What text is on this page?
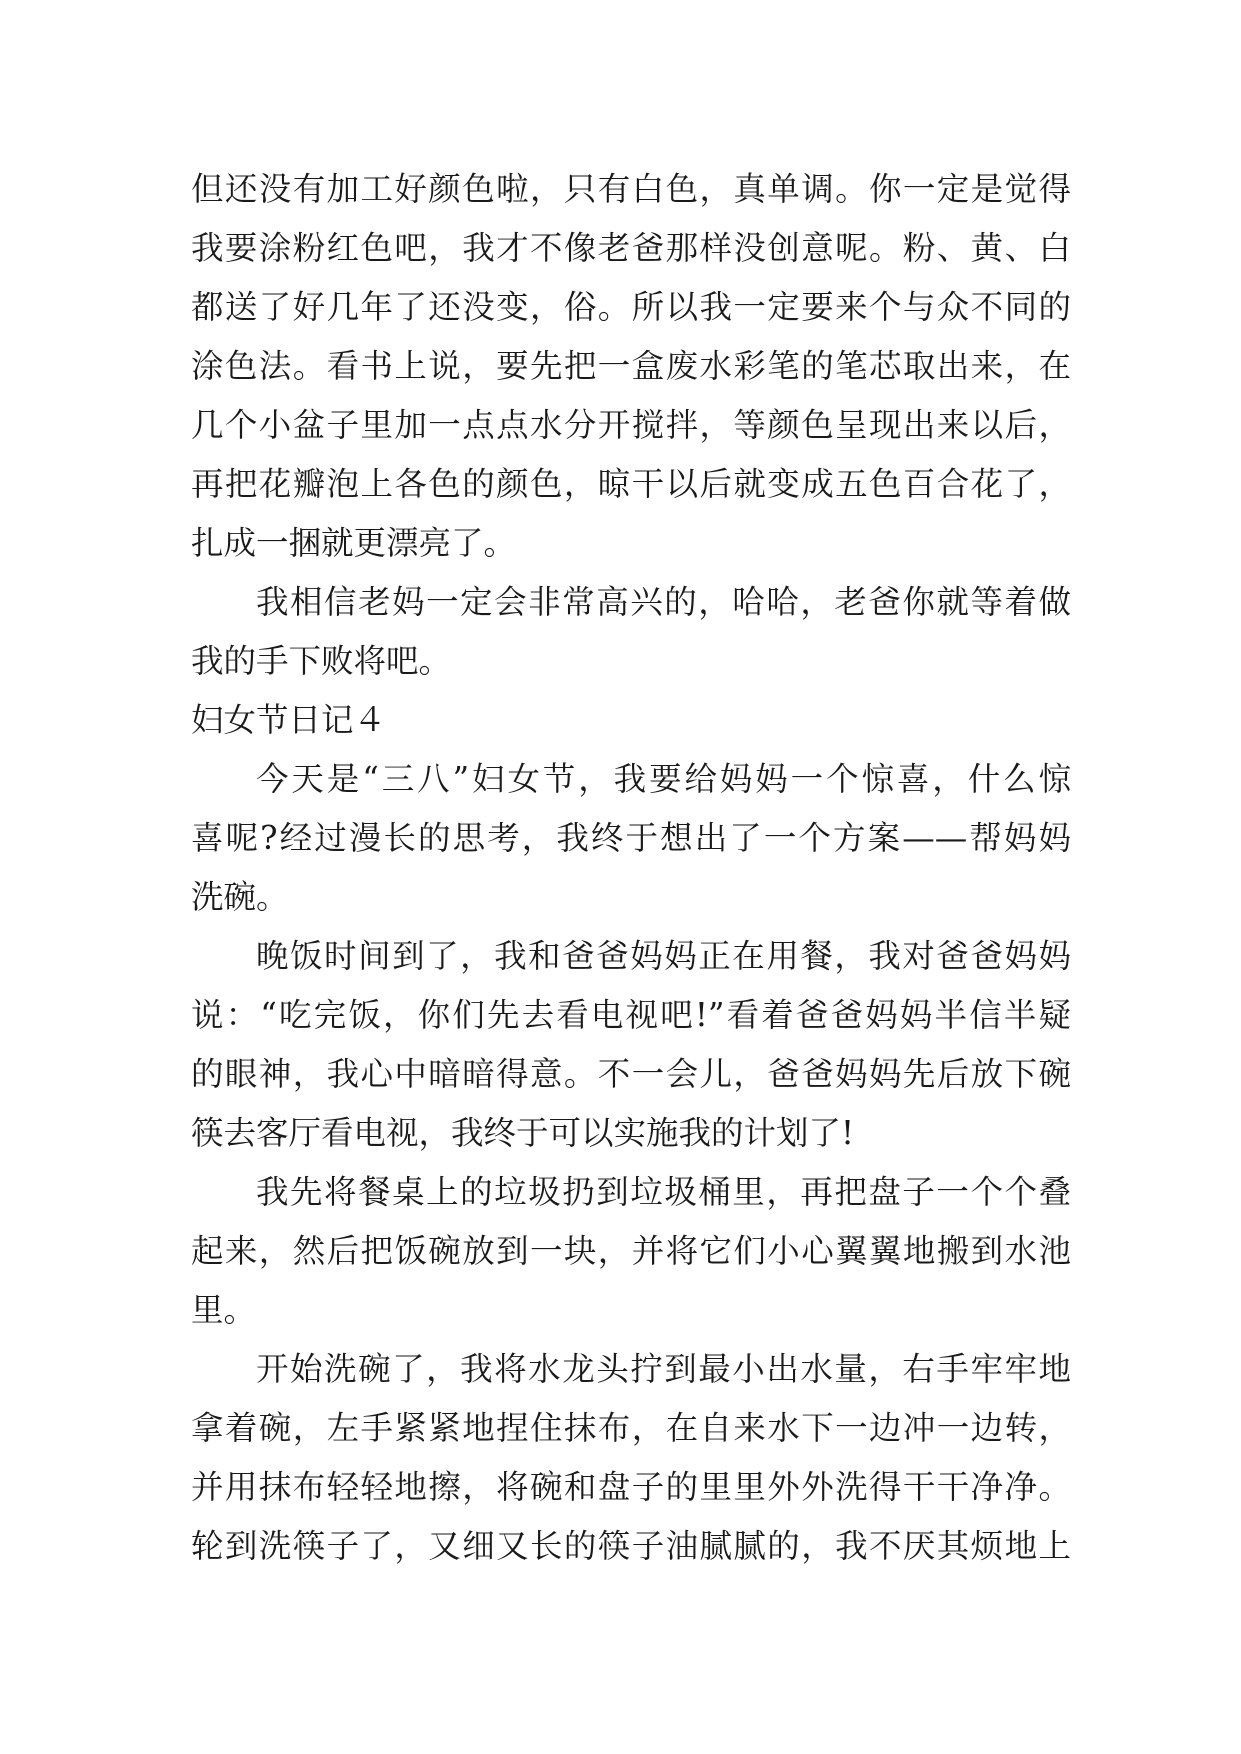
但还没有加工好颜色啦，只有白色，真单调。你一定是觉得
我要涂粉红色吧，我才不像老爸那样没创意呢。粉、黄、白
都送了好几年了还没变，俗。所以我一定要来个与众不同的
涂色法。看书上说，要先把一盒废水彩笔的笔芯取出来，在
几个小盆子里加一点点水分开搅拌，等颜色呈现出来以后，
再把花瓣泡上各色的颜色，晾干以后就变成五色百合花了，
扎成一捆就更漂亮了。
我相信老妈一定会非常高兴的，哈哈，老爸你就等着做
我的手下败将吧。
妇女节日记４
今天是“三八”妇女节，我要给妈妈一个惊喜，什么惊
喜呢?经过漫长的思考，我终于想出了一个方案——帮妈妈
洗碗。
晚饭时间到了，我和爸爸妈妈正在用餐，我对爸爸妈妈
说：“吃完饭，你们先去看电视吧!”看着爸爸妈妈半信半疑
的眼神，我心中暗暗得意。不一会儿，爸爸妈妈先后放下碗
筷去客厅看电视，我终于可以实施我的计划了!
我先将餐桌上的垃圾扔到垃圾桶里，再把盘子一个个叠
起来，然后把饭碗放到一块，并将它们小心翼翼地搬到水池
里。
开始洗碗了，我将水龙头拧到最小出水量，右手牢牢地
拿着碗，左手紧紧地捏住抹布，在自来水下一边冲一边转，
并用抹布轻轻地擦，将碗和盘子的里里外外洗得干干净净。
轮到洗筷子了，又细又长的筷子油腻腻的，我不厌其烦地上
